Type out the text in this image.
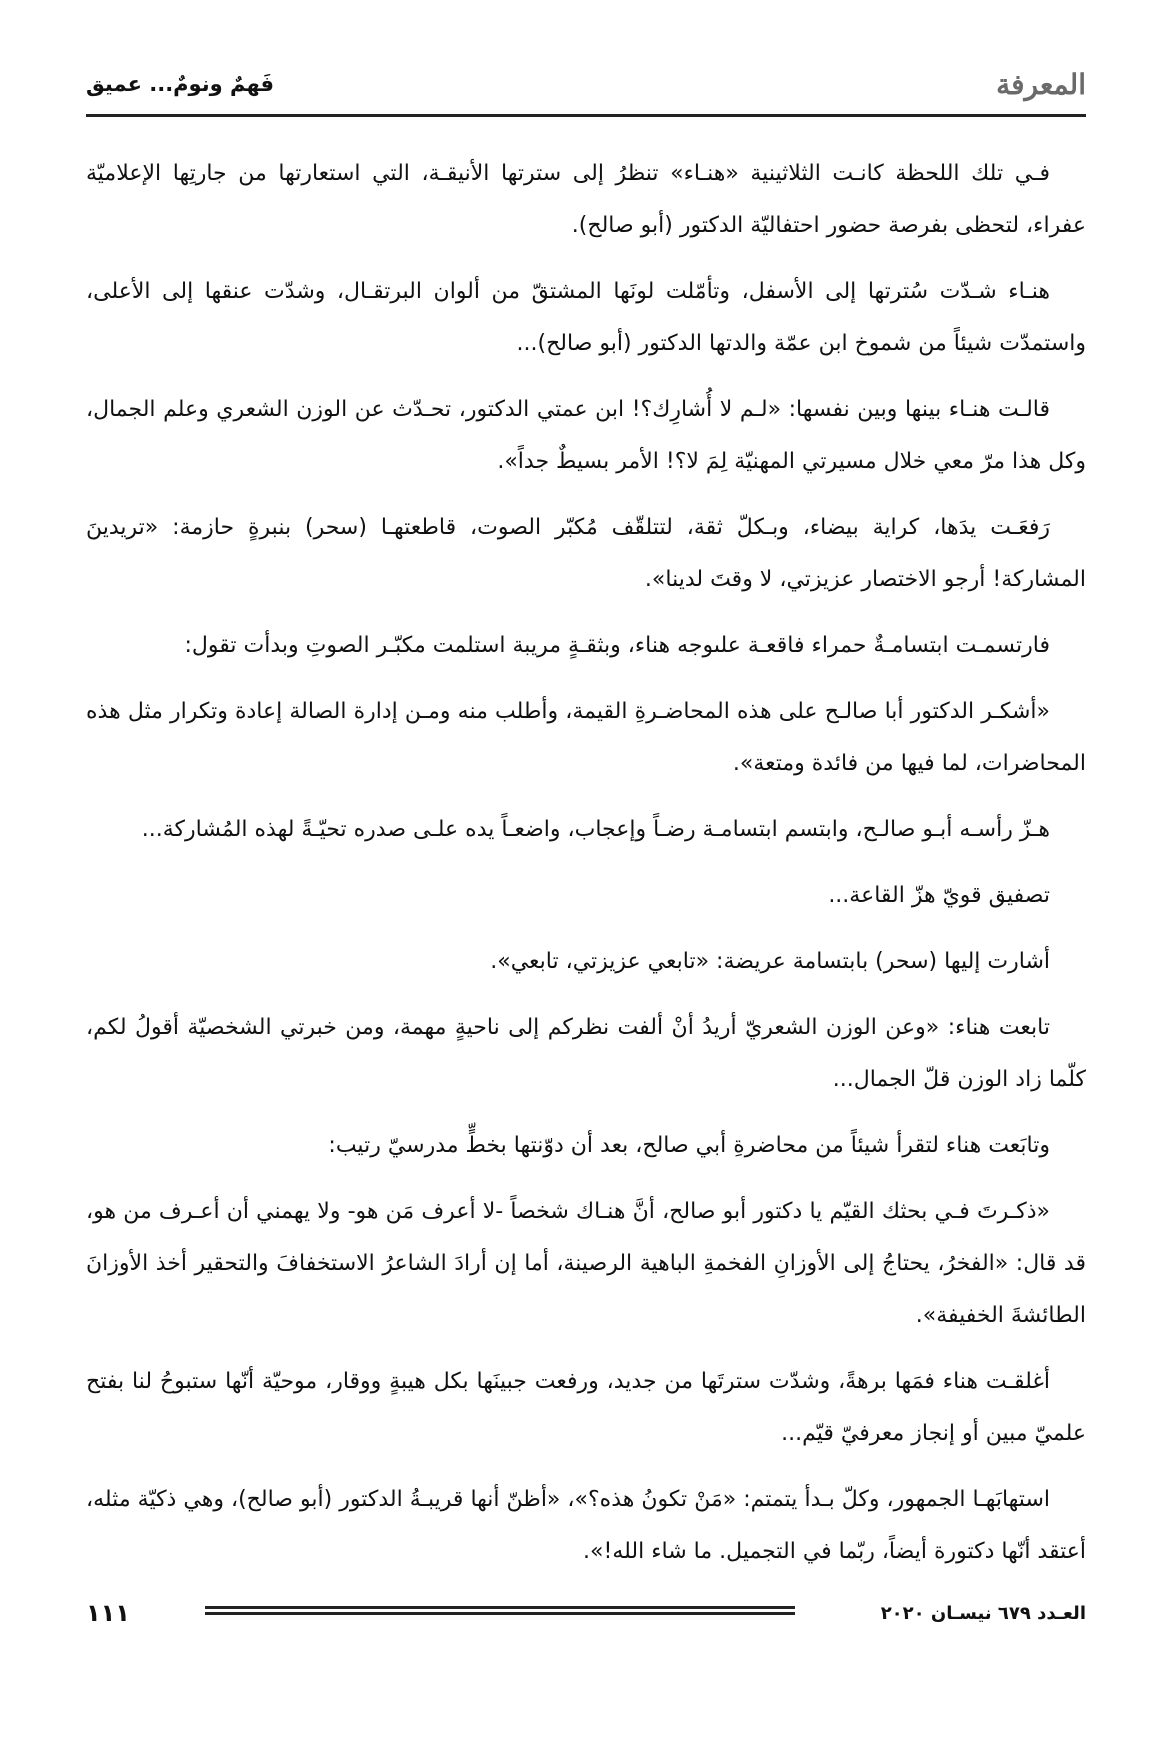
المعرفة
فَهمٌ ونومٌ... عميق

فـي تلك اللحظة كانـت الثلاثينية «هنـاء» تنظرُ إلى سترتها الأنيقـة، التي استعارتها من جارتِها الإعلاميّة عفراء، لتحظى بفرصة حضور احتفاليّة الدكتور (أبو صالح).

هنـاء شـدّت سُترتها إلى الأسفل، وتأمّلت لونَها المشتقّ من ألوان البرتقـال، وشدّت عنقها إلى الأعلى، واستمدّت شيئاً من شموخ ابن عمّة والدتها الدكتور (أبو صالح)...

قالـت هنـاء بينها وبين نفسها: «لـم لا أُشارِك؟! ابن عمتي الدكتور، تحـدّث عن الوزن الشعري وعلم الجمال، وكل هذا مرّ معي خلال مسيرتي المهنيّة لِمَ لا؟! الأمر بسيطٌ جداً».

رَفعَـت يدَها، كراية بيضاء، وبـكلّ ثقة، لتتلقّف مُكبّر الصوت، قاطعتهـا (سحر) بنبرةٍ حازمة: «تريدينَ المشاركة! أرجو الاختصار عزيزتي، لا وقتَ لدينا».

فارتسمـت ابتسامـةٌ حمراء فاقعـة علىوجه هناء، وبثقـةٍ مريبة استلمت مكبّـر الصوتِ وبدأت تقول:

«أشكـر الدكتور أبا صالـح على هذه المحاضـرةِ القيمة، وأطلب منه ومـن إدارة الصالة إعادة وتكرار مثل هذه المحاضرات، لما فيها من فائدة ومتعة».

هـزّ رأسـه أبـو صالـح، وابتسم ابتسامـة رضـاً وإعجاب، واضعـاً يده علـى صدره تحيّـةً لهذه المُشاركة...

تصفيق قويّ هزّ القاعة...

أشارت إليها (سحر) بابتسامة عريضة: «تابعي عزيزتي، تابعي».

تابعت هناء: «وعن الوزن الشعريّ أريدُ أنْ ألفت نظركم إلى ناحيةٍ مهمة، ومن خبرتي الشخصيّة أقولُ لكم، كلّما زاد الوزن قلّ الجمال...

وتابَعت هناء لتقرأ شيئاً من محاضرةِ أبي صالح، بعد أن دوّنتها بخطٍّ مدرسيّ رتيب:

«ذكـرتَ فـي بحثك القيّم يا دكتور أبو صالح، أنَّ هنـاك شخصاً -لا أعرف مَن هو- ولا يهمني أن أعـرف من هو، قد قال: «الفخرُ، يحتاجُ إلى الأوزانِ الفخمةِ الباهية الرصينة، أما إن أرادَ الشاعرُ الاستخفافَ والتحقير أخذ الأوزانَ الطائشةَ الخفيفة».

أغلقـت هناء فمَها برهةً، وشدّت سترتَها من جديد، ورفعت جبينَها بكل هيبةٍ ووقار، موحيّة أنّها ستبوحُ لنا بفتح علميّ مبين أو إنجاز معرفيّ قيّم...

استهابَهـا الجمهور، وكلّ بـدأ يتمتم: «مَنْ تكونُ هذه؟»، «أظنّ أنها قريبـةُ الدكتور (أبو صالح)، وهي ذكيّة مثله، أعتقد أنّها دكتورة أيضاً، ربّما في التجميل. ما شاء الله!».

١١١	العـدد ٦٧٩ نيسـان ٢٠٢٠
